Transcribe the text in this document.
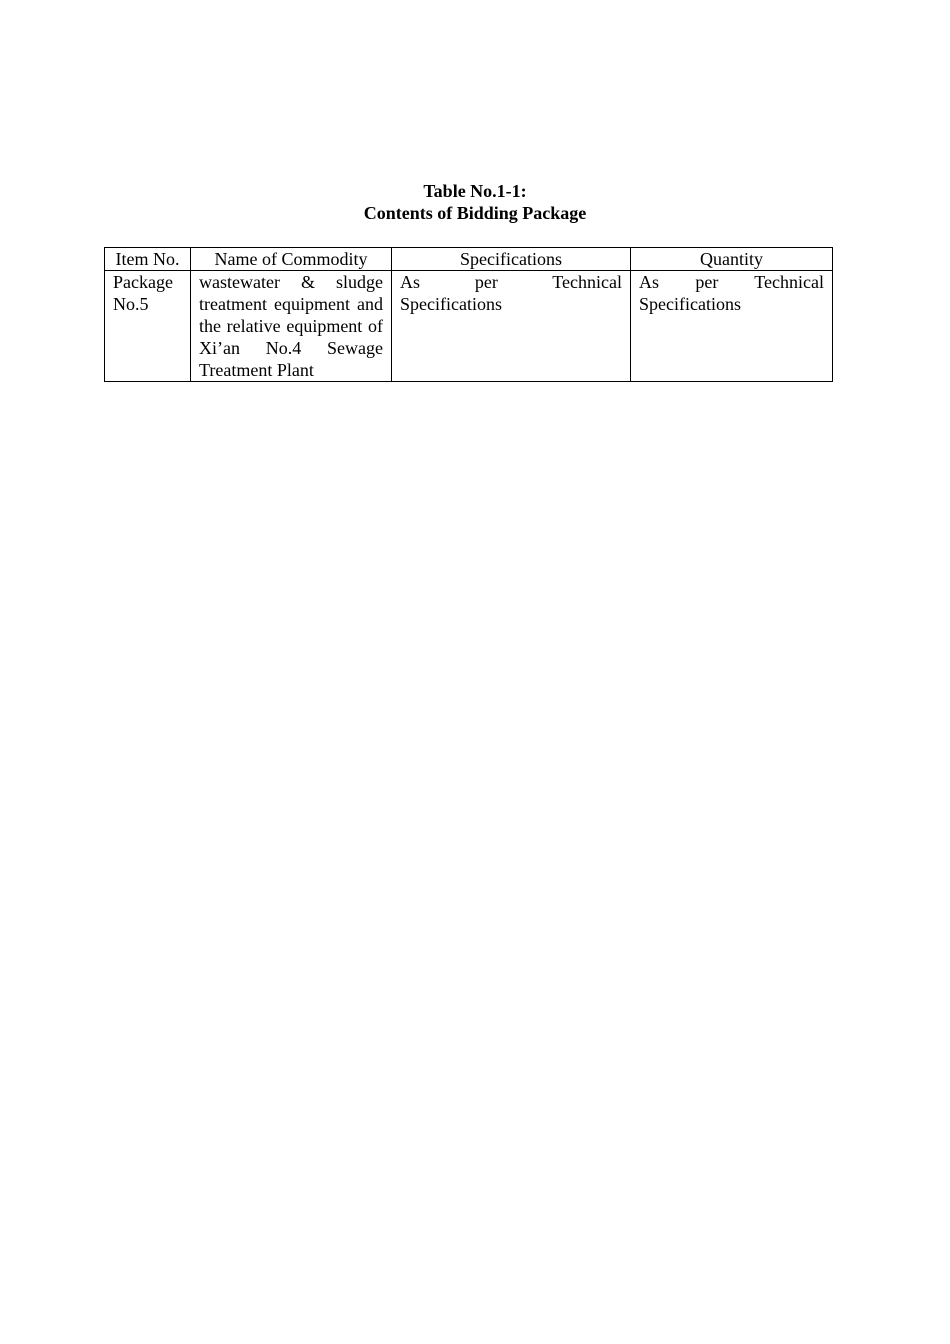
Table No.1-1:
Contents of Bidding Package
Item No.	Name of Commodity	Specifications	Quantity
Package No.5	wastewater & sludge treatment equipment and the relative equipment of Xi’an No.4 Sewage Treatment Plant	As per Technical Specifications	As per Technical Specifications
